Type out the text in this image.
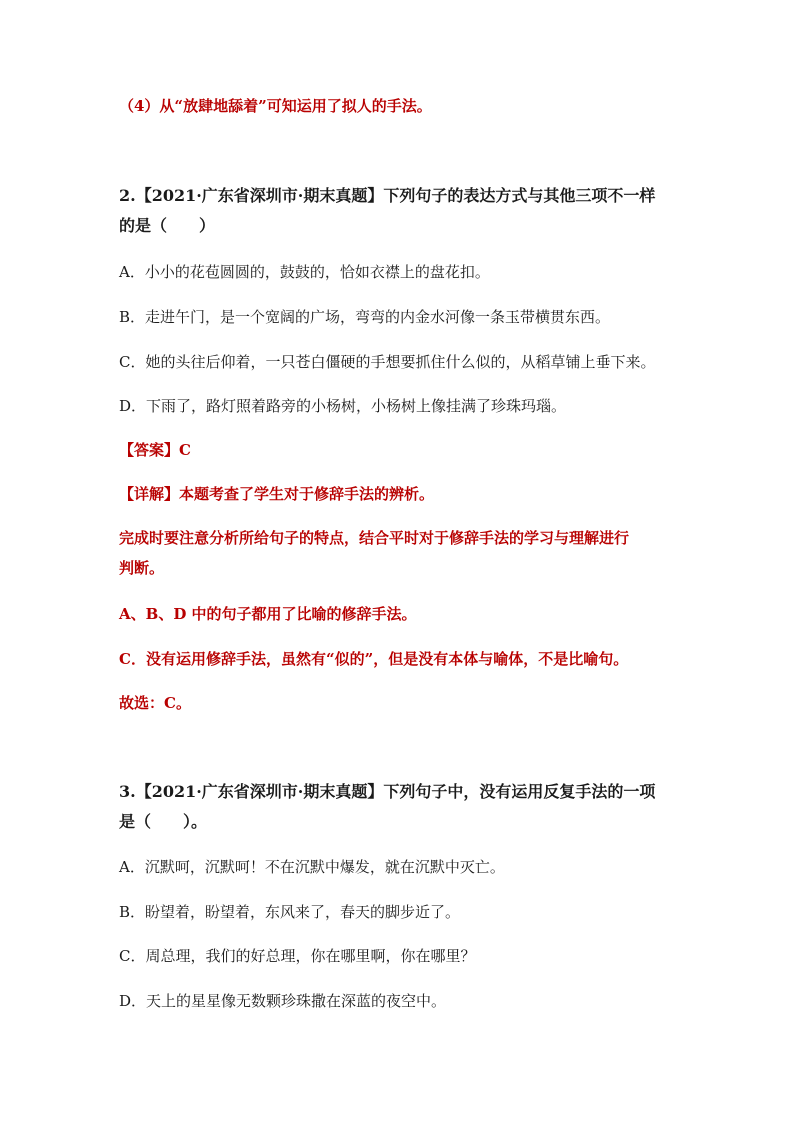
（4）从“放肆地舔着”可知运用了拟人的手法。
2.【2021·广东省深圳市·期末真题】下列句子的表达方式与其他三项不一样
的是（　　）
A．小小的花苞圆圆的，鼓鼓的，恰如衣襟上的盘花扣。
B．走进午门，是一个宽阔的广场，弯弯的内金水河像一条玉带横贯东西。
C．她的头往后仰着，一只苍白僵硬的手想要抓住什么似的，从稻草铺上垂下来。
D．下雨了，路灯照着路旁的小杨树，小杨树上像挂满了珍珠玛瑙。
【答案】C
【详解】本题考查了学生对于修辞手法的辨析。
完成时要注意分析所给句子的特点，结合平时对于修辞手法的学习与理解进行
判断。
A、B、D 中的句子都用了比喻的修辞手法。
C．没有运用修辞手法，虽然有“似的”，但是没有本体与喻体，不是比喻句。
故选：C。
3.【2021·广东省深圳市·期末真题】下列句子中，没有运用反复手法的一项
是（　　）。
A．沉默呵，沉默呵！不在沉默中爆发，就在沉默中灭亡。
B．盼望着，盼望着，东风来了，春天的脚步近了。
C．周总理，我们的好总理，你在哪里啊，你在哪里？
D．天上的星星像无数颗珍珠撒在深蓝的夜空中。
